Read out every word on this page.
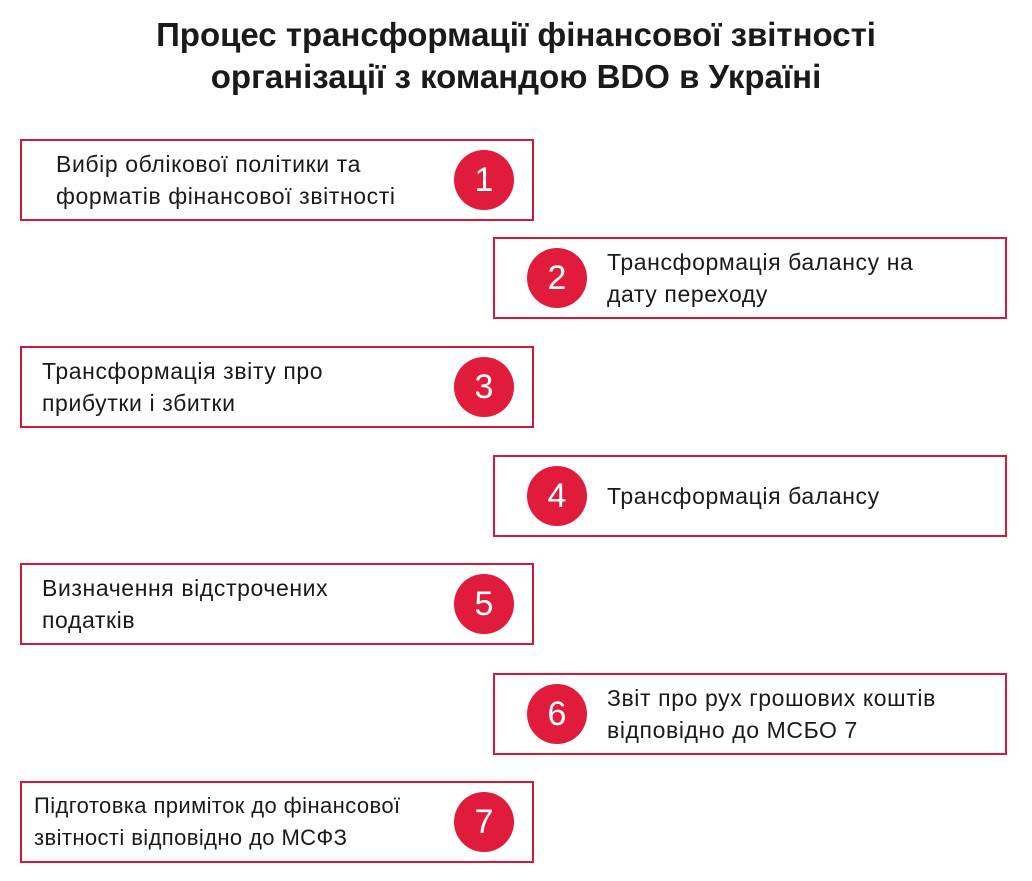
Процес трансформації фінансової звітності
організації з командою BDO в Україні
Вибір облікової політики та
форматів фінансової звітності	1
2	Трансформація балансу на
дату переходу
Трансформація звіту про
прибутки і збитки	3
4	Трансформація балансу
Визначення відстрочених
податків	5
6	Звіт про рух грошових коштів
відповідно до МСБО 7
Підготовка приміток до фінансової
звітності відповідно до МСФЗ	7
